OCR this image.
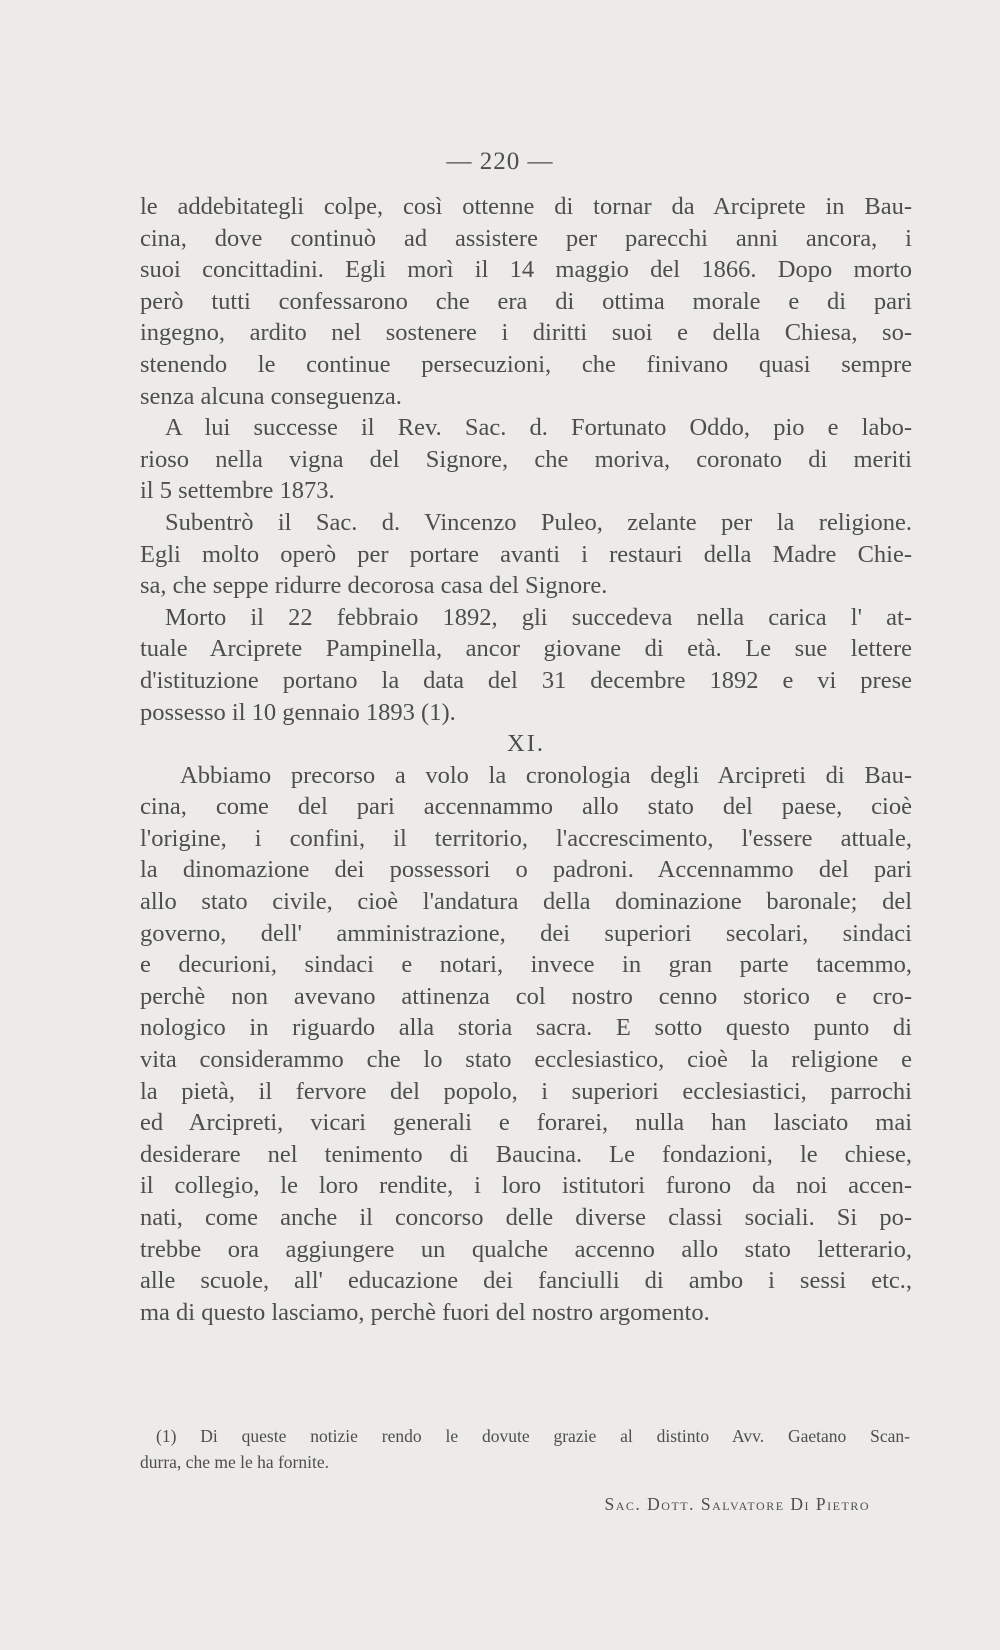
— 220 —
le addebitategli colpe, così ottenne di tornar da Arciprete in Bau-
cina, dove continuò ad assistere per parecchi anni ancora, i
suoi concittadini. Egli morì il 14 maggio del 1866. Dopo morto
però tutti confessarono che era di ottima morale e di pari
ingegno, ardito nel sostenere i diritti suoi e della Chiesa, so-
stenendo le continue persecuzioni, che finivano quasi sempre
senza alcuna conseguenza.
A lui successe il Rev. Sac. d. Fortunato Oddo, pio e labo-
rioso nella vigna del Signore, che moriva, coronato di meriti
il 5 settembre 1873.
Subentrò il Sac. d. Vincenzo Puleo, zelante per la religione.
Egli molto operò per portare avanti i restauri della Madre Chie-
sa, che seppe ridurre decorosa casa del Signore.
Morto il 22 febbraio 1892, gli succedeva nella carica l' at-
tuale Arciprete Pampinella, ancor giovane di età. Le sue lettere
d'istituzione portano la data del 31 decembre 1892 e vi prese
possesso il 10 gennaio 1893 (1).
XI.
Abbiamo precorso a volo la cronologia degli Arcipreti di Bau-
cina, come del pari accennammo allo stato del paese, cioè
l'origine, i confini, il territorio, l'accrescimento, l'essere attuale,
la dinomazione dei possessori o padroni. Accennammo del pari
allo stato civile, cioè l'andatura della dominazione baronale; del
governo, dell' amministrazione, dei superiori secolari, sindaci
e decurioni, sindaci e notari, invece in gran parte tacemmo,
perchè non avevano attinenza col nostro cenno storico e cro-
nologico in riguardo alla storia sacra. E sotto questo punto di
vita considerammo che lo stato ecclesiastico, cioè la religione e
la pietà, il fervore del popolo, i superiori ecclesiastici, parrochi
ed Arcipreti, vicari generali e forarei, nulla han lasciato mai
desiderare nel tenimento di Baucina. Le fondazioni, le chiese,
il collegio, le loro rendite, i loro istitutori furono da noi accen-
nati, come anche il concorso delle diverse classi sociali. Si po-
trebbe ora aggiungere un qualche accenno allo stato letterario,
alle scuole, all' educazione dei fanciulli di ambo i sessi etc.,
ma di questo lasciamo, perchè fuori del nostro argomento.
(1) Di queste notizie rendo le dovute grazie al distinto Avv. Gaetano Scan-
durra, che me le ha fornite.
Sac. Dott. Salvatore Di Pietro
